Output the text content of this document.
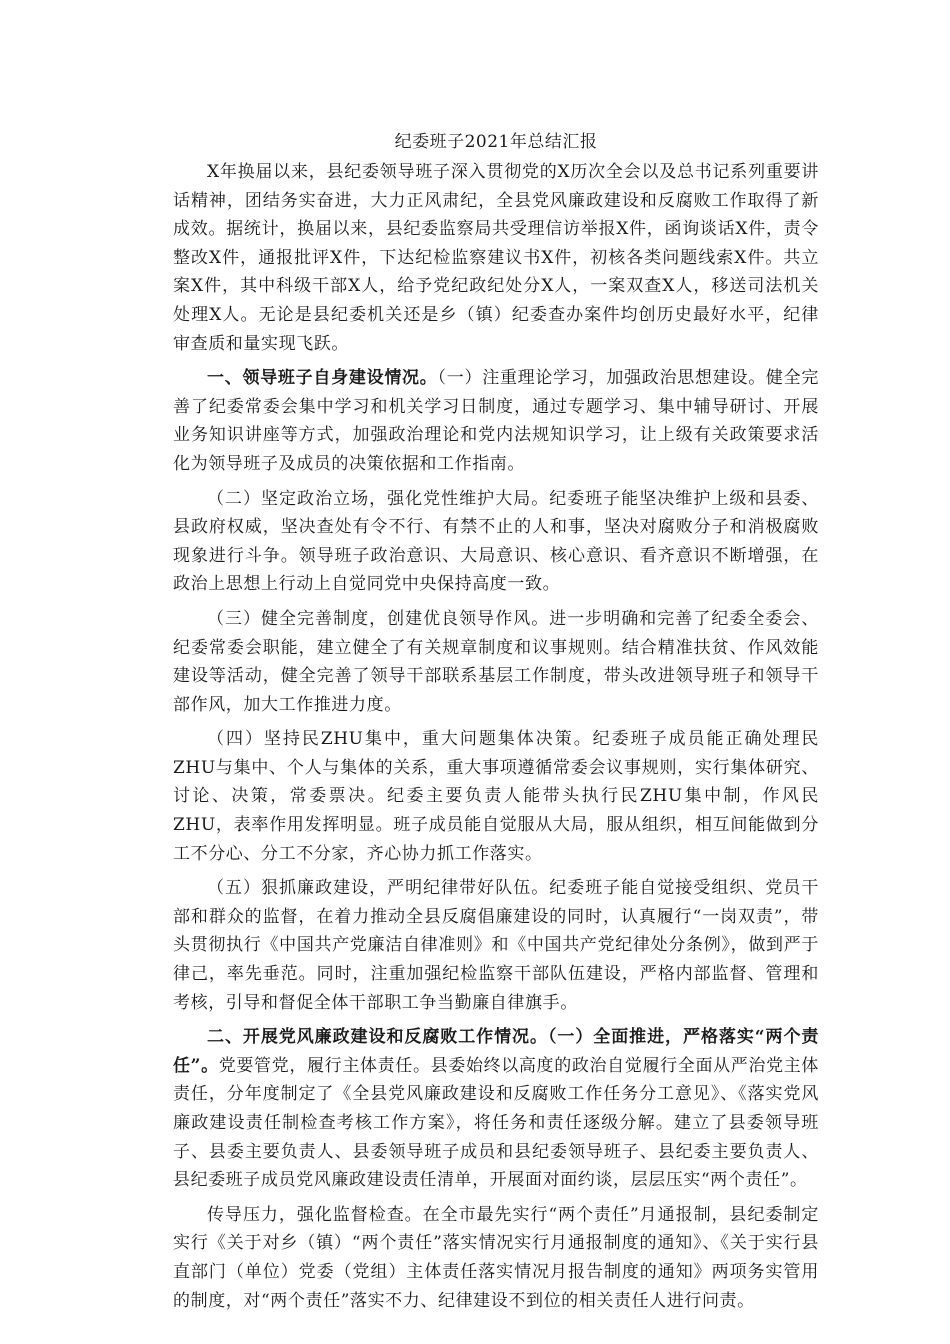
纪委班子2021年总结汇报

X年换届以来，县纪委领导班子深入贯彻党的X历次全会以及总书记系列重要讲话精神，团结务实奋进，大力正风肃纪，全县党风廉政建设和反腐败工作取得了新成效。据统计，换届以来，县纪委监察局共受理信访举报X件，函询谈话X件，责令整改X件，通报批评X件，下达纪检监察建议书X件，初核各类问题线索X件。共立案X件，其中科级干部X人，给予党纪政纪处分X人，一案双查X人，移送司法机关处理X人。无论是县纪委机关还是乡（镇）纪委查办案件均创历史最好水平，纪律审查质和量实现飞跃。

一、领导班子自身建设情况。（一）注重理论学习，加强政治思想建设。健全完善了纪委常委会集中学习和机关学习日制度，通过专题学习、集中辅导研讨、开展业务知识讲座等方式，加强政治理论和党内法规知识学习，让上级有关政策要求活化为领导班子及成员的决策依据和工作指南。

（二）坚定政治立场，强化党性维护大局。纪委班子能坚决维护上级和县委、县政府权威，坚决查处有令不行、有禁不止的人和事，坚决对腐败分子和消极腐败现象进行斗争。领导班子政治意识、大局意识、核心意识、看齐意识不断增强，在政治上思想上行动上自觉同党中央保持高度一致。

（三）健全完善制度，创建优良领导作风。进一步明确和完善了纪委全委会、纪委常委会职能，建立健全了有关规章制度和议事规则。结合精准扶贫、作风效能建设等活动，健全完善了领导干部联系基层工作制度，带头改进领导班子和领导干部作风，加大工作推进力度。

（四）坚持民ZHU集中，重大问题集体决策。纪委班子成员能正确处理民ZHU与集中、个人与集体的关系，重大事项遵循常委会议事规则，实行集体研究、讨论、决策，常委票决。纪委主要负责人能带头执行民ZHU集中制，作风民ZHU，表率作用发挥明显。班子成员能自觉服从大局，服从组织，相互间能做到分工不分心、分工不分家，齐心协力抓工作落实。

（五）狠抓廉政建设，严明纪律带好队伍。纪委班子能自觉接受组织、党员干部和群众的监督，在着力推动全县反腐倡廉建设的同时，认真履行“一岗双责”，带头贯彻执行《中国共产党廉洁自律准则》和《中国共产党纪律处分条例》，做到严于律己，率先垂范。同时，注重加强纪检监察干部队伍建设，严格内部监督、管理和考核，引导和督促全体干部职工争当勤廉自律旗手。

二、开展党风廉政建设和反腐败工作情况。（一）全面推进，严格落实“两个责任”。党要管党，履行主体责任。县委始终以高度的政治自觉履行全面从严治党主体责任，分年度制定了《全县党风廉政建设和反腐败工作任务分工意见》、《落实党风廉政建设责任制检查考核工作方案》，将任务和责任逐级分解。建立了县委领导班子、县委主要负责人、县委领导班子成员和县纪委领导班子、县纪委主要负责人、县纪委班子成员党风廉政建设责任清单，开展面对面约谈，层层压实“两个责任”。

传导压力，强化监督检查。在全市最先实行“两个责任”月通报制，县纪委制定实行《关于对乡（镇）“两个责任”落实情况实行月通报制度的通知》、《关于实行县直部门（单位）党委（党组）主体责任落实情况月报告制度的通知》两项务实管用的制度，对“两个责任”落实不力、纪律建设不到位的相关责任人进行问责。
